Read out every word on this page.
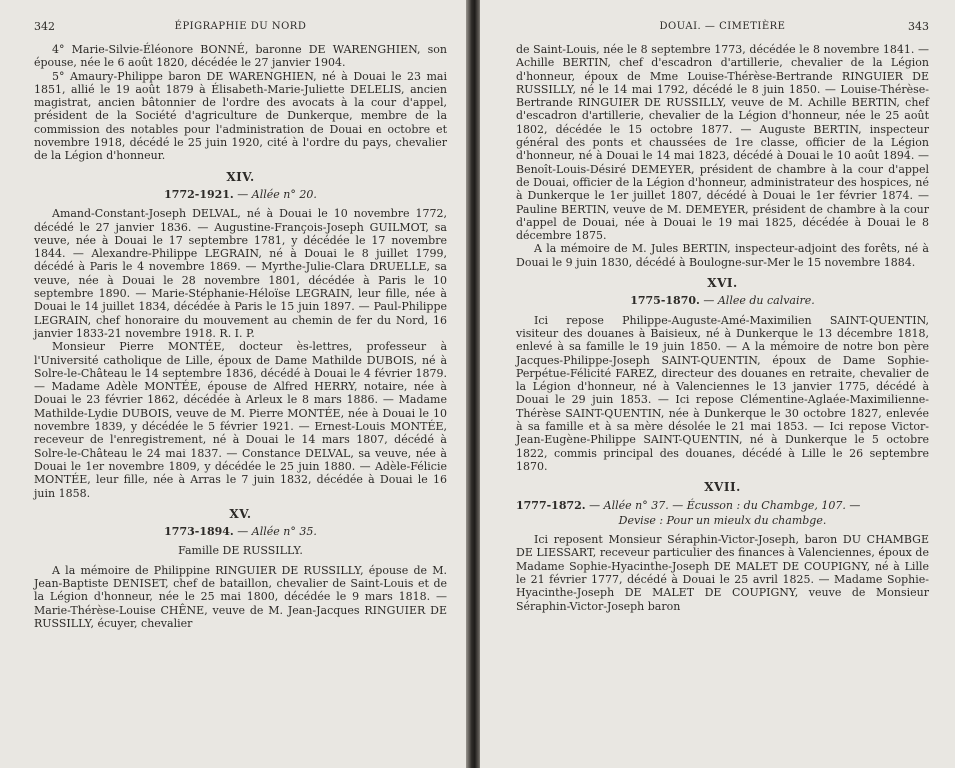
342	ÉPIGRAPHIE DU NORD

4° Marie-Silvie-Éléonore BONNÉ, baronne DE WARENGHIEN, son épouse, née le 6 août 1820, décédée le 27 janvier 1904.

5° Amaury-Philippe baron DE WARENGHIEN, né à Douai le 23 mai 1851, allié le 19 août 1879 à Élisabeth-Marie-Juliette DELELIS, ancien magistrat, ancien bâtonnier de l'ordre des avocats à la cour d'appel, président de la Société d'agriculture de Dunkerque, membre de la commission des notables pour l'administration de Douai en octobre et novembre 1918, décédé le 25 juin 1920, cité à l'ordre du pays, chevalier de la Légion d'honneur.

XIV.
1772-1921. — Allée n° 20.

Amand-Constant-Joseph DELVAL, né à Douai le 10 novembre 1772, décédé le 27 janvier 1836. — Augustine-François-Joseph GUILMOT, sa veuve, née à Douai le 17 septembre 1781, y décédée le 17 novembre 1844. — Alexandre-Philippe LEGRAIN, né à Douai le 8 juillet 1799, décédé à Paris le 4 novembre 1869. — Myrthe-Julie-Clara DRUELLE, sa veuve, née à Douai le 28 novembre 1801, décédée à Paris le 10 septembre 1890. — Marie-Stéphanie-Héloïse LEGRAIN, leur fille, née à Douai le 14 juillet 1834, décédée à Paris le 15 juin 1897. — Paul-Philippe LEGRAIN, chef honoraire du mouvement au chemin de fer du Nord, 16 janvier 1833-21 novembre 1918. R. I. P.

Monsieur Pierre MONTÉE, docteur ès-lettres, professeur à l'Université catholique de Lille, époux de Dame Mathilde DUBOIS, né à Solre-le-Château le 14 septembre 1836, décédé à Douai le 4 février 1879. — Madame Adèle MONTÉE, épouse de Alfred HERRY, notaire, née à Douai le 23 février 1862, décédée à Arleux le 8 mars 1886. — Madame Mathilde-Lydie DUBOIS, veuve de M. Pierre MONTÉE, née à Douai le 10 novembre 1839, y décédée le 5 février 1921. — Ernest-Louis MONTÉE, receveur de l'enregistrement, né à Douai le 14 mars 1807, décédé à Solre-le-Château le 24 mai 1837. — Constance DELVAL, sa veuve, née à Douai le 1er novembre 1809, y décédée le 25 juin 1880. — Adèle-Félicie MONTÉE, leur fille, née à Arras le 7 juin 1832, décédée à Douai le 16 juin 1858.

XV.
1773-1894. — Allée n° 35.
Famille DE RUSSILLY.

A la mémoire de Philippine RINGUIER DE RUSSILLY, épouse de M. Jean-Baptiste DENISET, chef de bataillon, chevalier de Saint-Louis et de la Légion d'honneur, née le 25 mai 1800, décédée le 9 mars 1818. — Marie-Thérèse-Louise CHÊNE, veuve de M. Jean-Jacques RINGUIER DE RUSSILLY, écuyer, chevalier

DOUAI. — CIMETIÈRE	343

de Saint-Louis, née le 8 septembre 1773, décédée le 8 novembre 1841. — Achille BERTIN, chef d'escadron d'artillerie, chevalier de la Légion d'honneur, époux de Mme Louise-Thérèse-Bertrande RINGUIER DE RUSSILLY, né le 14 mai 1792, décédé le 8 juin 1850. — Louise-Thérèse-Bertrande RINGUIER DE RUSSILLY, veuve de M. Achille BERTIN, chef d'escadron d'artillerie, chevalier de la Légion d'honneur, née le 25 août 1802, décédée le 15 octobre 1877. — Auguste BERTIN, inspecteur général des ponts et chaussées de 1re classe, officier de la Légion d'honneur, né à Douai le 14 mai 1823, décédé à Douai le 10 août 1894. — Benoît-Louis-Désiré DEMEYER, président de chambre à la cour d'appel de Douai, officier de la Légion d'honneur, administrateur des hospices, né à Dunkerque le 1er juillet 1807, décédé à Douai le 1er février 1874. — Pauline BERTIN, veuve de M. DEMEYER, président de chambre à la cour d'appel de Douai, née à Douai le 19 mai 1825, décédée à Douai le 8 décembre 1875.

A la mémoire de M. Jules BERTIN, inspecteur-adjoint des forêts, né à Douai le 9 juin 1830, décédé à Boulogne-sur-Mer le 15 novembre 1884.

XVI.
1775-1870. — Allee du calvaire.

Ici repose Philippe-Auguste-Amé-Maximilien SAINT-QUENTIN, visiteur des douanes à Baisieux, né à Dunkerque le 13 décembre 1818, enlevé à sa famille le 19 juin 1850. — A la mémoire de notre bon père Jacques-Philippe-Joseph SAINT-QUENTIN, époux de Dame Sophie-Perpétue-Félicité FAREZ, directeur des douanes en retraite, chevalier de la Légion d'honneur, né à Valenciennes le 13 janvier 1775, décédé à Douai le 29 juin 1853. — Ici repose Clémentine-Aglaée-Maximilienne-Thérèse SAINT-QUENTIN, née à Dunkerque le 30 octobre 1827, enlevée à sa famille et à sa mère désolée le 21 mai 1853. — Ici repose Victor-Jean-Eugène-Philippe SAINT-QUENTIN, né à Dunkerque le 5 octobre 1822, commis principal des douanes, décédé à Lille le 26 septembre 1870.

XVII.
1777-1872. — Allée n° 37. — Écusson : du Chambge, 107. —
Devise : Pour un mieulx du chambge.

Ici reposent Monsieur Séraphin-Victor-Joseph, baron DU CHAMBGE DE LIESSART, receveur particulier des finances à Valenciennes, époux de Madame Sophie-Hyacinthe-Joseph DE MALET DE COUPIGNY, né à Lille le 21 février 1777, décédé à Douai le 25 avril 1825. — Madame Sophie-Hyacinthe-Joseph DE MALET DE COUPIGNY, veuve de Monsieur Séraphin-Victor-Joseph baron
